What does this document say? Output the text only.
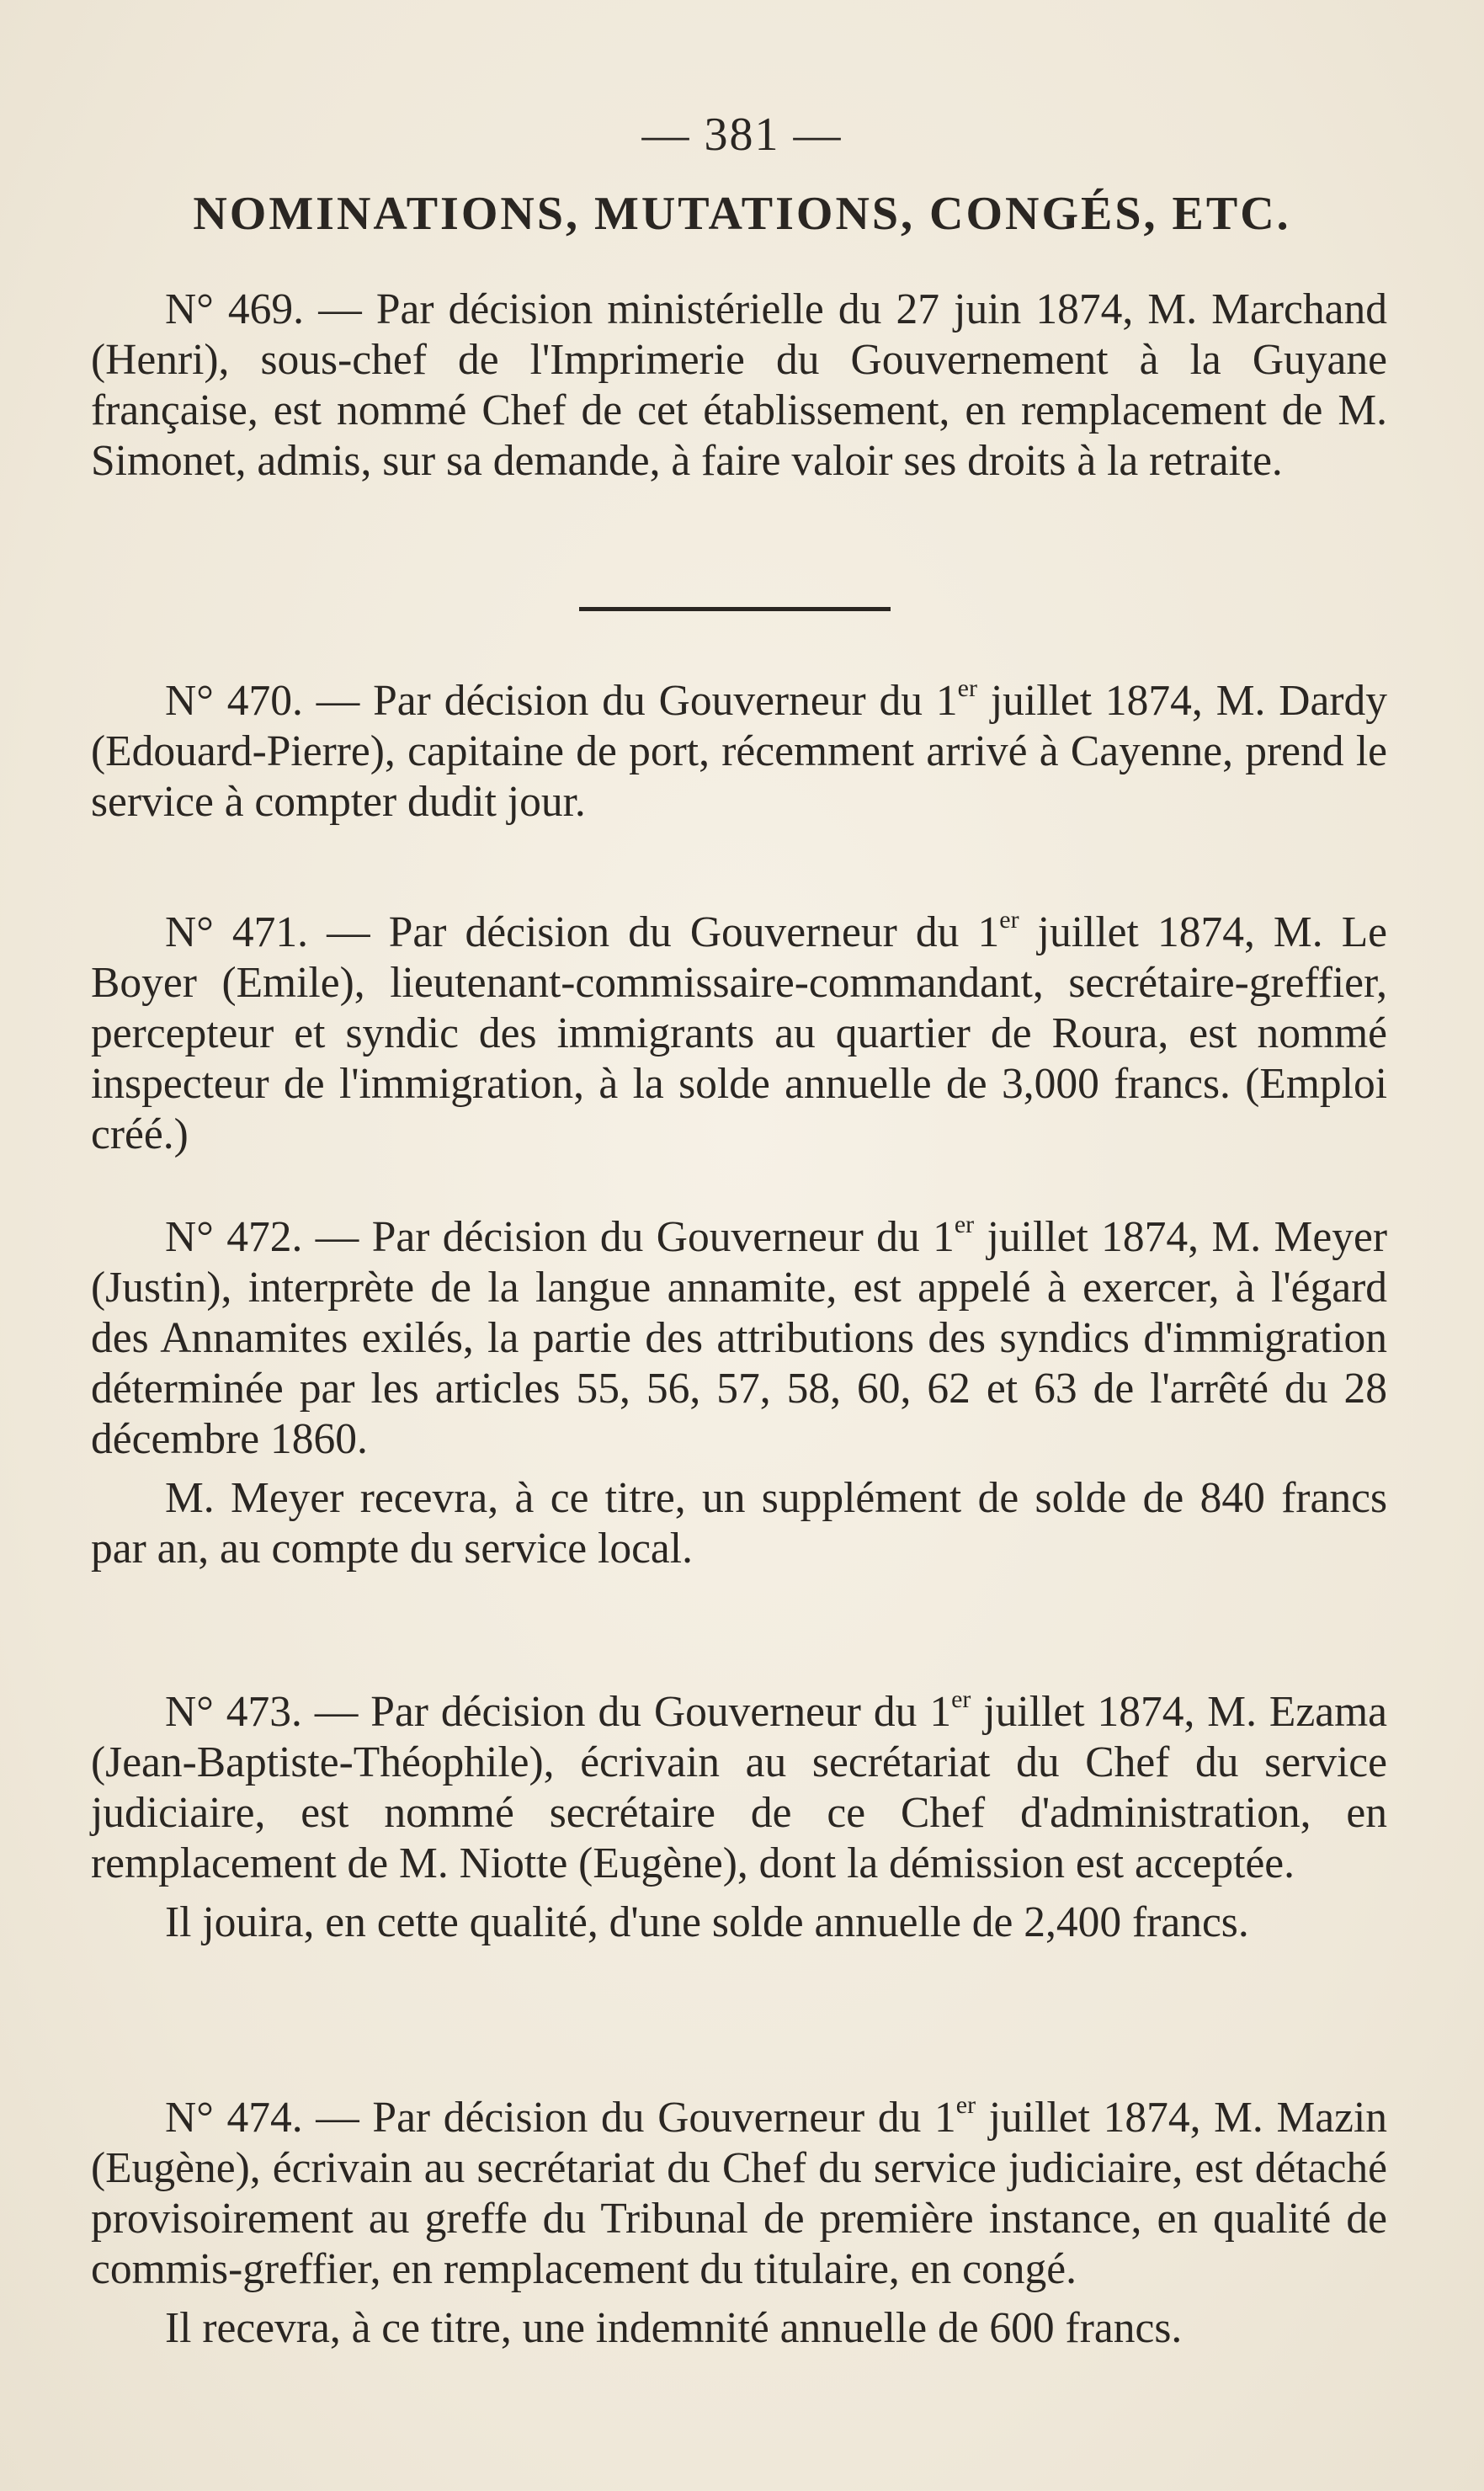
— 381 —
NOMINATIONS, MUTATIONS, CONGÉS, ETC.

N° 469. — Par décision ministérielle du 27 juin 1874, M. Marchand (Henri), sous-chef de l'Imprimerie du Gouvernement à la Guyane française, est nommé Chef de cet établissement, en remplacement de M. Simonet, admis, sur sa demande, à faire valoir ses droits à la retraite.

N° 470. — Par décision du Gouverneur du 1er juillet 1874, M. Dardy (Edouard-Pierre), capitaine de port, récemment arrivé à Cayenne, prend le service à compter dudit jour.

N° 471. — Par décision du Gouverneur du 1er juillet 1874, M. Le Boyer (Emile), lieutenant-commissaire-commandant, secrétaire-greffier, percepteur et syndic des immigrants au quartier de Roura, est nommé inspecteur de l'immigration, à la solde annuelle de 3,000 francs. (Emploi créé.)

N° 472. — Par décision du Gouverneur du 1er juillet 1874, M. Meyer (Justin), interprète de la langue annamite, est appelé à exercer, à l'égard des Annamites exilés, la partie des attributions des syndics d'immigration déterminée par les articles 55, 56, 57, 58, 60, 62 et 63 de l'arrêté du 28 décembre 1860.

M. Meyer recevra, à ce titre, un supplément de solde de 840 francs par an, au compte du service local.

N° 473. — Par décision du Gouverneur du 1er juillet 1874, M. Ezama (Jean-Baptiste-Théophile), écrivain au secrétariat du Chef du service judiciaire, est nommé secrétaire de ce Chef d'administration, en remplacement de M. Niotte (Eugène), dont la démission est acceptée.

Il jouira, en cette qualité, d'une solde annuelle de 2,400 francs.

N° 474. — Par décision du Gouverneur du 1er juillet 1874, M. Mazin (Eugène), écrivain au secrétariat du Chef du service judiciaire, est détaché provisoirement au greffe du Tribunal de première instance, en qualité de commis-greffier, en remplacement du titulaire, en congé.

Il recevra, à ce titre, une indemnité annuelle de 600 francs.
